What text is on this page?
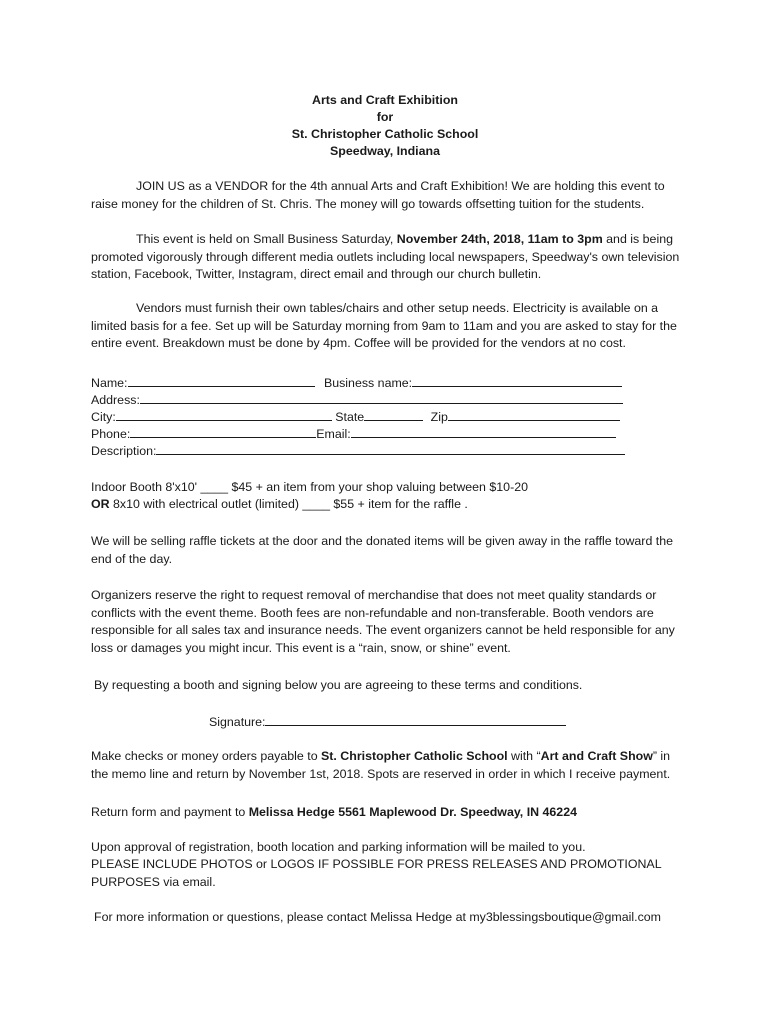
Arts and Craft Exhibition
for
St. Christopher Catholic School
Speedway, Indiana
JOIN US as a VENDOR for the 4th annual Arts and Craft Exhibition! We are holding this event to raise money for the children of St. Chris. The money will go towards offsetting tuition for the students.
This event is held on Small Business Saturday, November 24th, 2018, 11am to 3pm and is being promoted vigorously through different media outlets including local newspapers, Speedway's own television station, Facebook, Twitter, Instagram, direct email and through our church bulletin.
Vendors must furnish their own tables/chairs and other setup needs. Electricity is available on a limited basis for a fee. Set up will be Saturday morning from 9am to 11am and you are asked to stay for the entire event. Breakdown must be done by 4pm. Coffee will be provided for the vendors at no cost.
Name:	Business name:
Address:
City:	State	Zip
Phone:	Email:
Description:
Indoor Booth 8'x10' ____ $45 + an item from your shop valuing between $10-20
OR 8x10 with electrical outlet (limited) ____ $55 + item for the raffle .
We will be selling raffle tickets at the door and the donated items will be given away in the raffle toward the end of the day.
Organizers reserve the right to request removal of merchandise that does not meet quality standards or conflicts with the event theme. Booth fees are non-refundable and non-transferable. Booth vendors are responsible for all sales tax and insurance needs. The event organizers cannot be held responsible for any loss or damages you might incur. This event is a “rain, snow, or shine” event.
By requesting a booth and signing below you are agreeing to these terms and conditions.
Signature:
Make checks or money orders payable to St. Christopher Catholic School with “Art and Craft Show” in the memo line and return by November 1st, 2018. Spots are reserved in order in which I receive payment.
Return form and payment to Melissa Hedge 5561 Maplewood Dr. Speedway, IN 46224
Upon approval of registration, booth location and parking information will be mailed to you.
PLEASE INCLUDE PHOTOS or LOGOS IF POSSIBLE FOR PRESS RELEASES AND PROMOTIONAL PURPOSES via email.
For more information or questions, please contact Melissa Hedge at my3blessingsboutique@gmail.com
